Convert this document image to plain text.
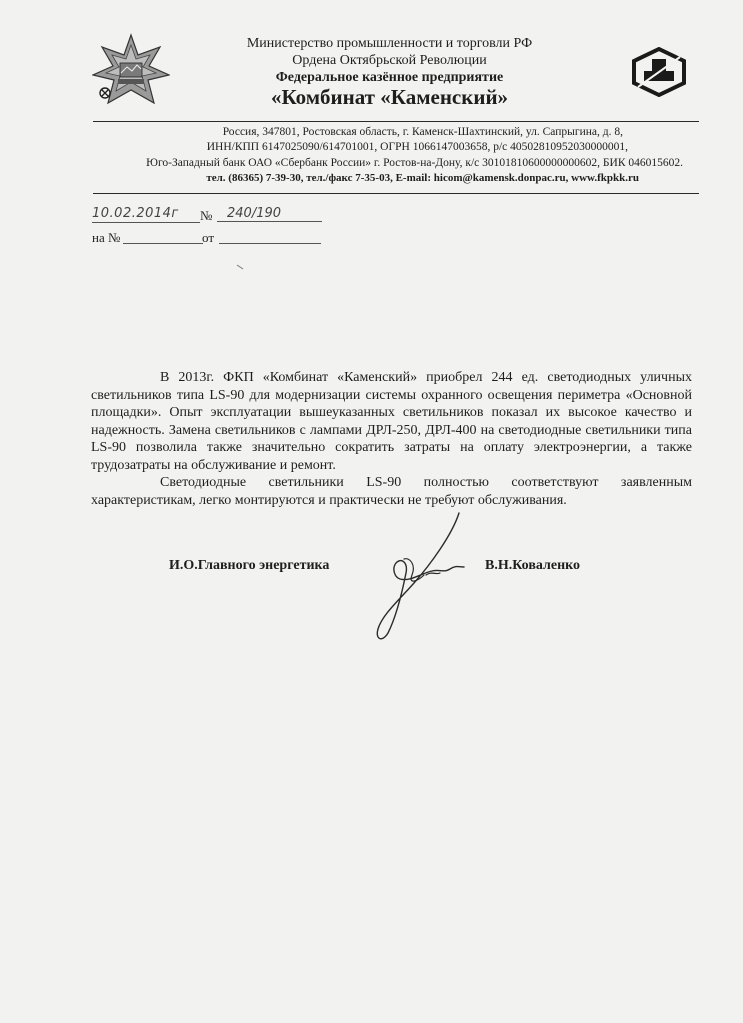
Министерство промышленности и торговли РФ
Ордена Октябрьской Революции
Федеральное казённое предприятие
«Комбинат «Каменский»
Россия, 347801, Ростовская область, г. Каменск-Шахтинский, ул. Сапрыгина, д. 8,
ИНН/КПП 6147025090/614701001, ОГРН 1066147003658, р/с 40502810952030000001,
Юго-Западный банк ОАО «Сбербанк России» г. Ростов-на-Дону, к/с 30101810600000000602, БИК 046015602.
тел. (86365) 7-39-30, тел./факс 7-35-03, E-mail: hicom@kamensk.donpac.ru, www.fkpkk.ru
10.02.2014г	№	240/190
на №	от

В 2013г. ФКП «Комбинат «Каменский» приобрел 244 ед. светодиодных уличных светильников типа LS-90 для модернизации системы охранного освещения периметра «Основной площадки». Опыт эксплуатации вышеуказанных светильников показал их высокое качество и надежность. Замена светильников с лампами ДРЛ-250, ДРЛ-400 на светодиодные светильники типа LS-90 позволила также значительно сократить затраты на оплату электроэнергии, а также трудозатраты на обслуживание и ремонт.

Светодиодные светильники LS-90 полностью соответствуют заявленным характеристикам, легко монтируются и практически не требуют обслуживания.

И.О.Главного энергетика	В.Н.Коваленко
